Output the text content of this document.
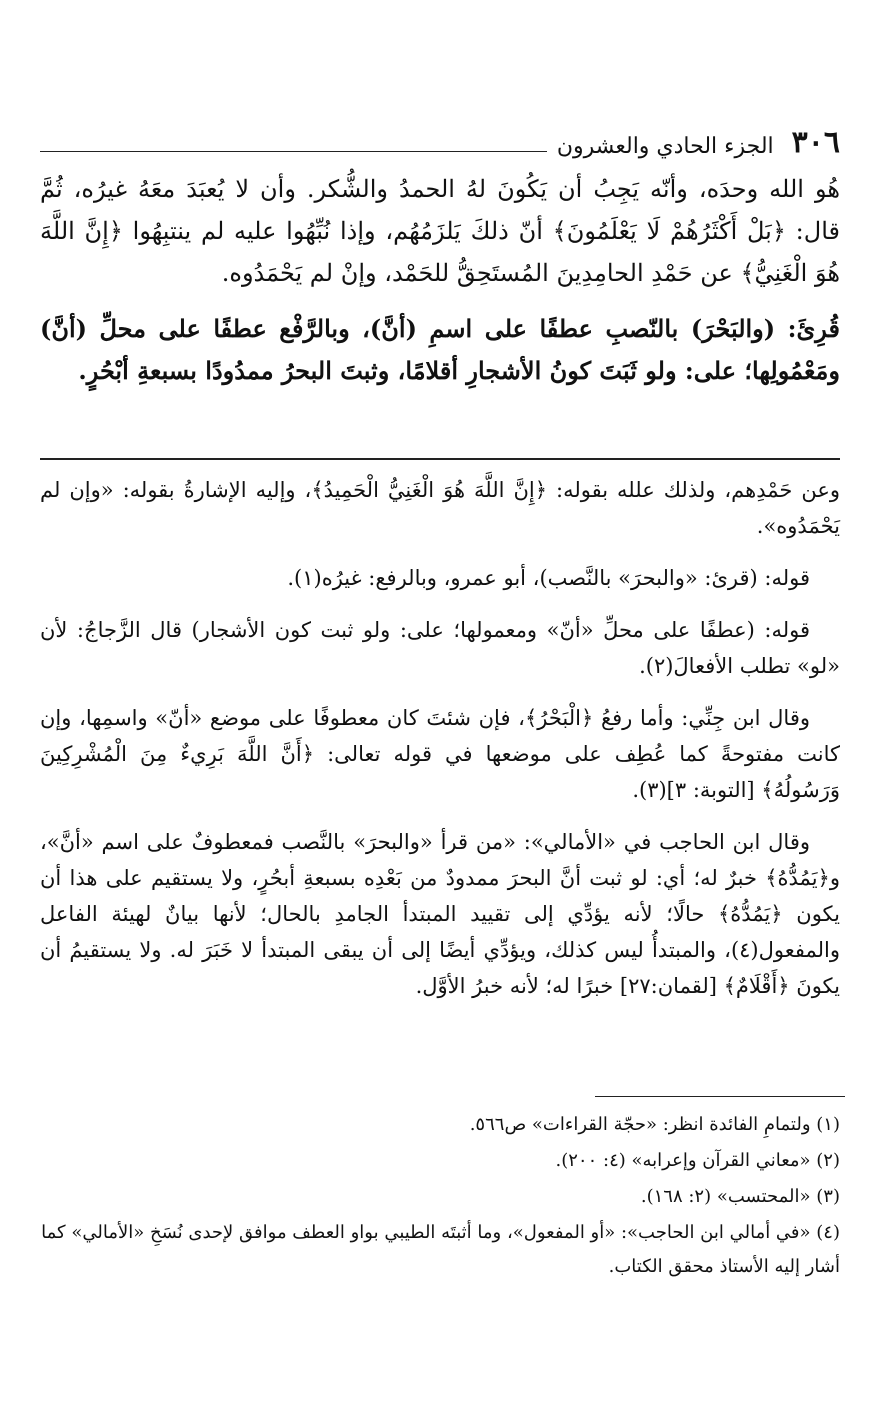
٣٠٦
الجزء الحادي والعشرون

هُو الله وحدَه، وأنّه يَجِبُ أن يَكُونَ لهُ الحمدُ والشُّكر. وأن لا يُعبَدَ معَهُ غيرُه، ثُمَّ قال: ﴿بَلْ أَكْثَرُهُمْ لَا يَعْلَمُونَ﴾ أنّ ذلكَ يَلزَمُهُم، وإذا نُبِّهُوا عليه لم ينتبِهُوا ﴿إِنَّ اللَّهَ هُوَ الْغَنِيُّ﴾ عن حَمْدِ الحامِدِينَ المُستَحِقُّ للحَمْد، وإنْ لم يَحْمَدُوه.

قُرِئَ: (والبَحْرَ) بالنّصبِ عطفًا على اسمِ (أنَّ)، وبالرَّفْع عطفًا على محلِّ (أنَّ) ومَعْمُولِها؛ على: ولو ثَبَتَ كونُ الأشجارِ أقلامًا، وثبتَ البحرُ ممدُودًا بسبعةِ أبْحُرٍ.

وعن حَمْدِهم، ولذلك علله بقوله: ﴿إِنَّ اللَّهَ هُوَ الْغَنِيُّ الْحَمِيدُ﴾، وإليه الإشارةُ بقوله: «وإن لم يَحْمَدُوه».

قوله: (قرئ: «والبحرَ» بالنَّصب)، أبو عمرو، وبالرفع: غيرُه(١).

قوله: (عطفًا على محلِّ «أنّ» ومعمولها؛ على: ولو ثبت كون الأشجار) قال الزَّجاجُ: لأن «لو» تطلب الأفعالَ(٢).

وقال ابن جِنِّي: وأما رفعُ ﴿الْبَحْرُ﴾، فإن شئتَ كان معطوفًا على موضع «أنّ» واسمِها، وإن كانت مفتوحةً كما عُطِف على موضعها في قوله تعالى: ﴿أَنَّ اللَّهَ بَرِيءٌ مِنَ الْمُشْرِكِينَ وَرَسُولُهُ﴾ [التوبة: ٣](٣).

وقال ابن الحاجب في «الأمالي»: «من قرأ «والبحرَ» بالنَّصب فمعطوفٌ على اسم «أنَّ»، و﴿يَمُدُّهُ﴾ خبرٌ له؛ أي: لو ثبت أنَّ البحرَ ممدودٌ من بَعْدِه بسبعةِ أبحُرٍ، ولا يستقيم على هذا أن يكون ﴿يَمُدُّهُ﴾ حالًا؛ لأنه يؤدِّي إلى تقييد المبتدأ الجامدِ بالحال؛ لأنها بيانٌ لهيئة الفاعل والمفعول(٤)، والمبتدأُ ليس كذلك، ويؤدِّي أيضًا إلى أن يبقى المبتدأ لا خَبَرَ له. ولا يستقيمُ أن يكونَ ﴿أَقْلَامٌ﴾ [لقمان:٢٧] خبرًا له؛ لأنه خبرُ الأوَّل.

(١) ولتمامِ الفائدة انظر: «حجّة القراءات» ص٥٦٦.
(٢) «معاني القرآن وإعرابه» (٤: ٢٠٠).
(٣) «المحتسب» (٢: ١٦٨).
(٤) «في أمالي ابن الحاجب»: «أو المفعول»، وما أثبتَه الطيبي بواو العطف موافق لإحدى نُسَخِ «الأمالي» كما أشار إليه الأستاذ محقق الكتاب.
